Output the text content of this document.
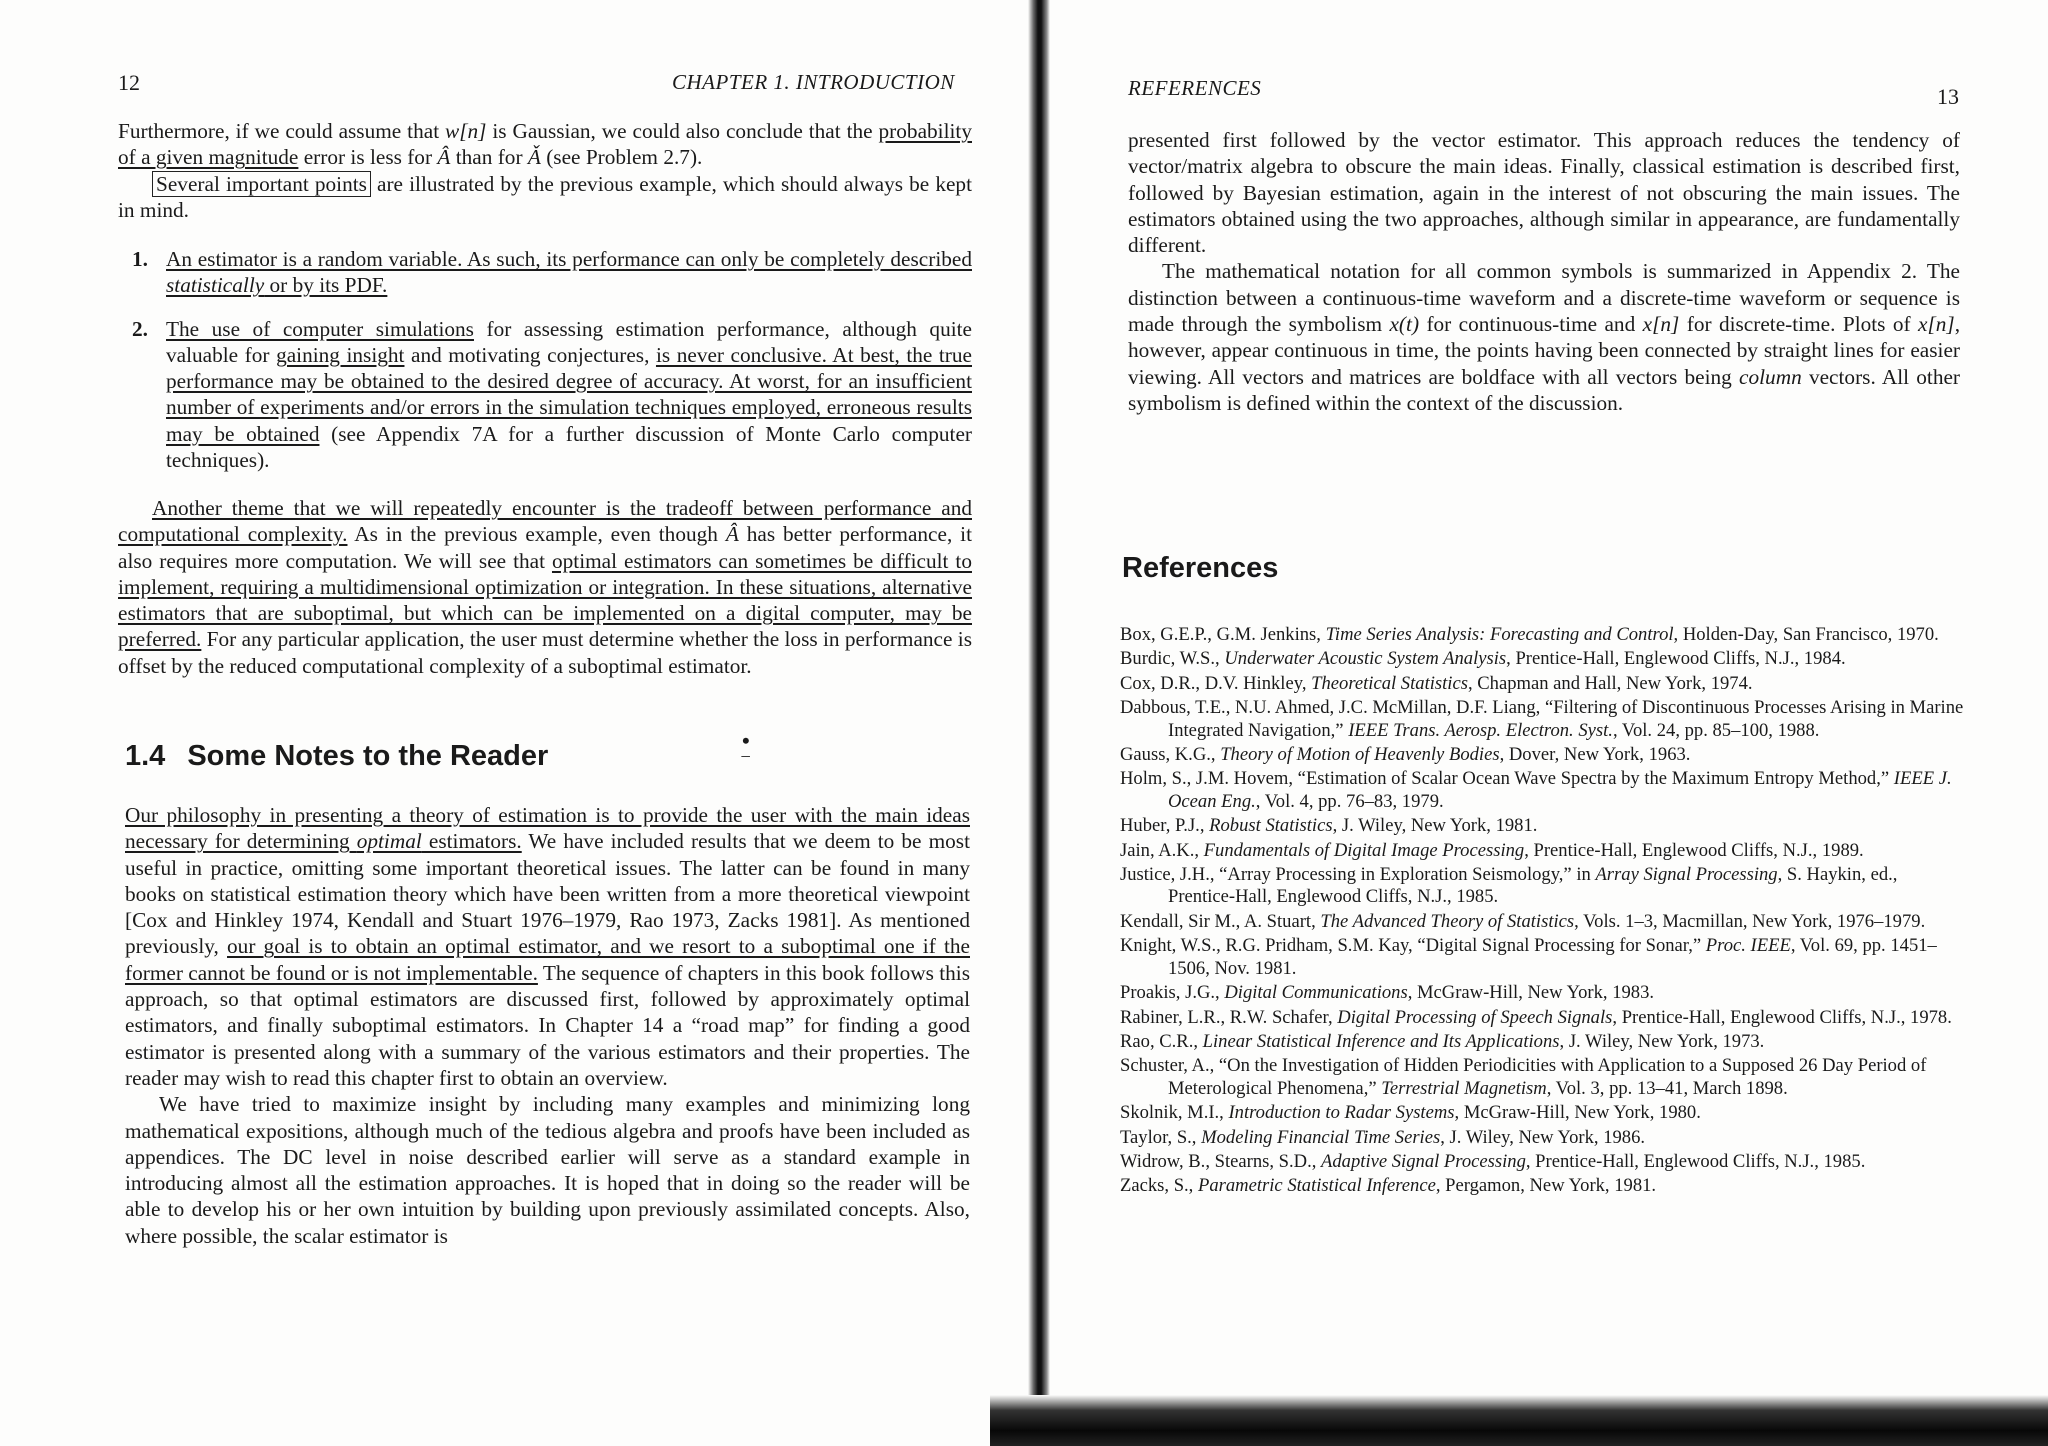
12	CHAPTER 1. INTRODUCTION

Furthermore, if we could assume that w[n] is Gaussian, we could also conclude that the probability of a given magnitude error is less for Â than for Ǎ (see Problem 2.7).

Several important points are illustrated by the previous example, which should always be kept in mind.

1. An estimator is a random variable. As such, its performance can only be completely described statistically or by its PDF.
2. The use of computer simulations for assessing estimation performance, although quite valuable for gaining insight and motivating conjectures, is never conclusive. At best, the true performance may be obtained to the desired degree of accuracy. At worst, for an insufficient number of experiments and/or errors in the simulation techniques employed, erroneous results may be obtained (see Appendix 7A for a further discussion of Monte Carlo computer techniques).

Another theme that we will repeatedly encounter is the tradeoff between performance and computational complexity. As in the previous example, even though Â has better performance, it also requires more computation. We will see that optimal estimators can sometimes be difficult to implement, requiring a multidimensional optimization or integration. In these situations, alternative estimators that are suboptimal, but which can be implemented on a digital computer, may be preferred. For any particular application, the user must determine whether the loss in performance is offset by the reduced computational complexity of a suboptimal estimator.

1.4 Some Notes to the Reader	•
‾

Our philosophy in presenting a theory of estimation is to provide the user with the main ideas necessary for determining optimal estimators. We have included results that we deem to be most useful in practice, omitting some important theoretical issues. The latter can be found in many books on statistical estimation theory which have been written from a more theoretical viewpoint [Cox and Hinkley 1974, Kendall and Stuart 1976–1979, Rao 1973, Zacks 1981]. As mentioned previously, our goal is to obtain an optimal estimator, and we resort to a suboptimal one if the former cannot be found or is not implementable. The sequence of chapters in this book follows this approach, so that optimal estimators are discussed first, followed by approximately optimal estimators, and finally suboptimal estimators. In Chapter 14 a “road map” for finding a good estimator is presented along with a summary of the various estimators and their properties. The reader may wish to read this chapter first to obtain an overview.

We have tried to maximize insight by including many examples and minimizing long mathematical expositions, although much of the tedious algebra and proofs have been included as appendices. The DC level in noise described earlier will serve as a standard example in introducing almost all the estimation approaches. It is hoped that in doing so the reader will be able to develop his or her own intuition by building upon previously assimilated concepts. Also, where possible, the scalar estimator is

REFERENCES	13

presented first followed by the vector estimator. This approach reduces the tendency of vector/matrix algebra to obscure the main ideas. Finally, classical estimation is described first, followed by Bayesian estimation, again in the interest of not obscuring the main issues. The estimators obtained using the two approaches, although similar in appearance, are fundamentally different.

The mathematical notation for all common symbols is summarized in Appendix 2. The distinction between a continuous-time waveform and a discrete-time waveform or sequence is made through the symbolism x(t) for continuous-time and x[n] for discrete-time. Plots of x[n], however, appear continuous in time, the points having been connected by straight lines for easier viewing. All vectors and matrices are boldface with all vectors being column vectors. All other symbolism is defined within the context of the discussion.

References

Box, G.E.P., G.M. Jenkins, Time Series Analysis: Forecasting and Control, Holden-Day, San Francisco, 1970.

Burdic, W.S., Underwater Acoustic System Analysis, Prentice-Hall, Englewood Cliffs, N.J., 1984.

Cox, D.R., D.V. Hinkley, Theoretical Statistics, Chapman and Hall, New York, 1974.

Dabbous, T.E., N.U. Ahmed, J.C. McMillan, D.F. Liang, “Filtering of Discontinuous Processes Arising in Marine Integrated Navigation,” IEEE Trans. Aerosp. Electron. Syst., Vol. 24, pp. 85–100, 1988.

Gauss, K.G., Theory of Motion of Heavenly Bodies, Dover, New York, 1963.

Holm, S., J.M. Hovem, “Estimation of Scalar Ocean Wave Spectra by the Maximum Entropy Method,” IEEE J. Ocean Eng., Vol. 4, pp. 76–83, 1979.

Huber, P.J., Robust Statistics, J. Wiley, New York, 1981.

Jain, A.K., Fundamentals of Digital Image Processing, Prentice-Hall, Englewood Cliffs, N.J., 1989.

Justice, J.H., “Array Processing in Exploration Seismology,” in Array Signal Processing, S. Haykin, ed., Prentice-Hall, Englewood Cliffs, N.J., 1985.

Kendall, Sir M., A. Stuart, The Advanced Theory of Statistics, Vols. 1–3, Macmillan, New York, 1976–1979.

Knight, W.S., R.G. Pridham, S.M. Kay, “Digital Signal Processing for Sonar,” Proc. IEEE, Vol. 69, pp. 1451–1506, Nov. 1981.

Proakis, J.G., Digital Communications, McGraw-Hill, New York, 1983.

Rabiner, L.R., R.W. Schafer, Digital Processing of Speech Signals, Prentice-Hall, Englewood Cliffs, N.J., 1978.

Rao, C.R., Linear Statistical Inference and Its Applications, J. Wiley, New York, 1973.

Schuster, A., “On the Investigation of Hidden Periodicities with Application to a Supposed 26 Day Period of Meterological Phenomena,” Terrestrial Magnetism, Vol. 3, pp. 13–41, March 1898.

Skolnik, M.I., Introduction to Radar Systems, McGraw-Hill, New York, 1980.

Taylor, S., Modeling Financial Time Series, J. Wiley, New York, 1986.

Widrow, B., Stearns, S.D., Adaptive Signal Processing, Prentice-Hall, Englewood Cliffs, N.J., 1985.

Zacks, S., Parametric Statistical Inference, Pergamon, New York, 1981.
